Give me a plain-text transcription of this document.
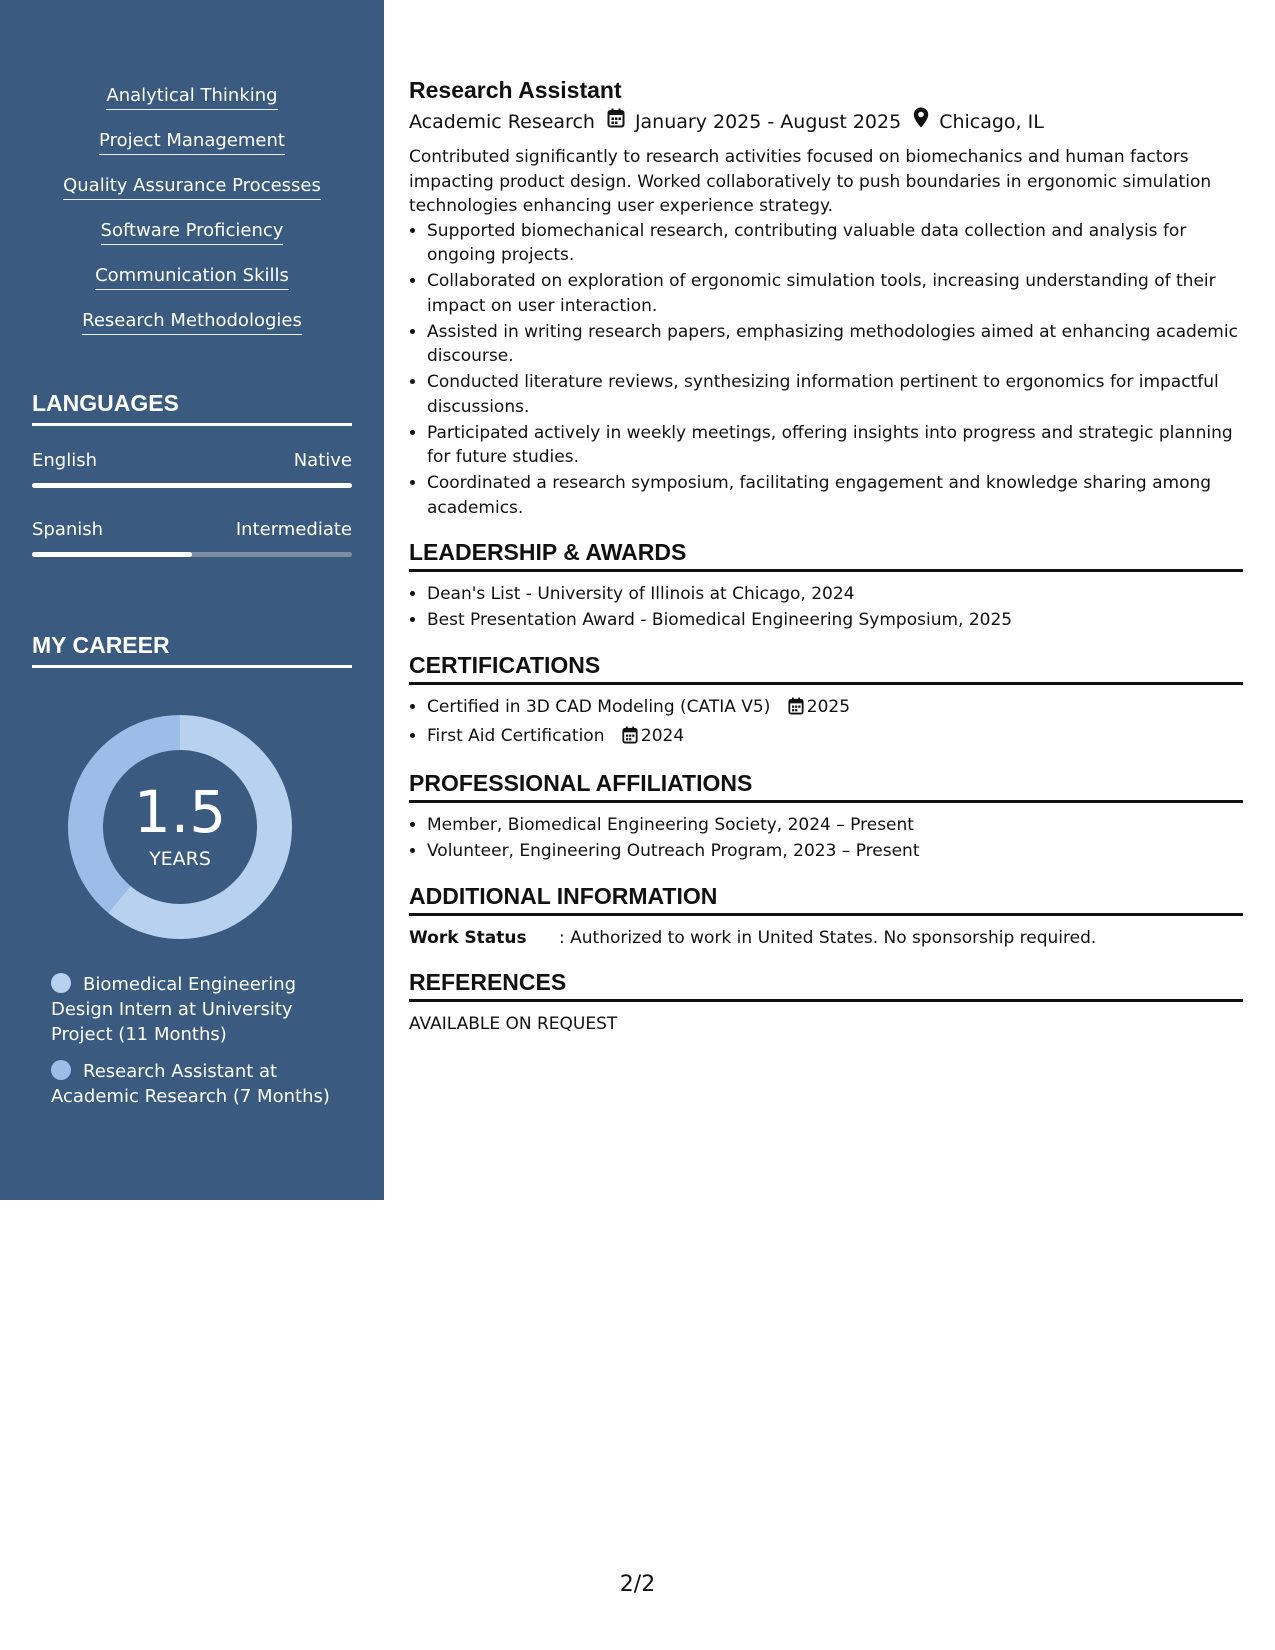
Analytical Thinking
Project Management
Quality Assurance Processes
Software Proficiency
Communication Skills
Research Methodologies
LANGUAGES
English	Native
Spanish	Intermediate
MY CAREER
1.5
YEARS
Biomedical Engineering Design Intern at University Project (11 Months)
Research Assistant at Academic Research (7 Months)
Research Assistant
Academic Research January 2025 - August 2025 Chicago, IL

Contributed significantly to research activities focused on biomechanics and human factors impacting product design. Worked collaboratively to push boundaries in ergonomic simulation technologies enhancing user experience strategy.

• Supported biomechanical research, contributing valuable data collection and analysis for ongoing projects.
• Collaborated on exploration of ergonomic simulation tools, increasing understanding of their impact on user interaction.
• Assisted in writing research papers, emphasizing methodologies aimed at enhancing academic discourse.
• Conducted literature reviews, synthesizing information pertinent to ergonomics for impactful discussions.
• Participated actively in weekly meetings, offering insights into progress and strategic planning for future studies.
• Coordinated a research symposium, facilitating engagement and knowledge sharing among academics.
LEADERSHIP & AWARDS
• Dean's List - University of Illinois at Chicago, 2024
• Best Presentation Award - Biomedical Engineering Symposium, 2025
CERTIFICATIONS
• Certified in 3D CAD Modeling (CATIA V5) 2025
• First Aid Certification 2024
PROFESSIONAL AFFILIATIONS
• Member, Biomedical Engineering Society, 2024 – Present
• Volunteer, Engineering Outreach Program, 2023 – Present
ADDITIONAL INFORMATION
Work Status : Authorized to work in United States. No sponsorship required.
REFERENCES
AVAILABLE ON REQUEST
2/2
